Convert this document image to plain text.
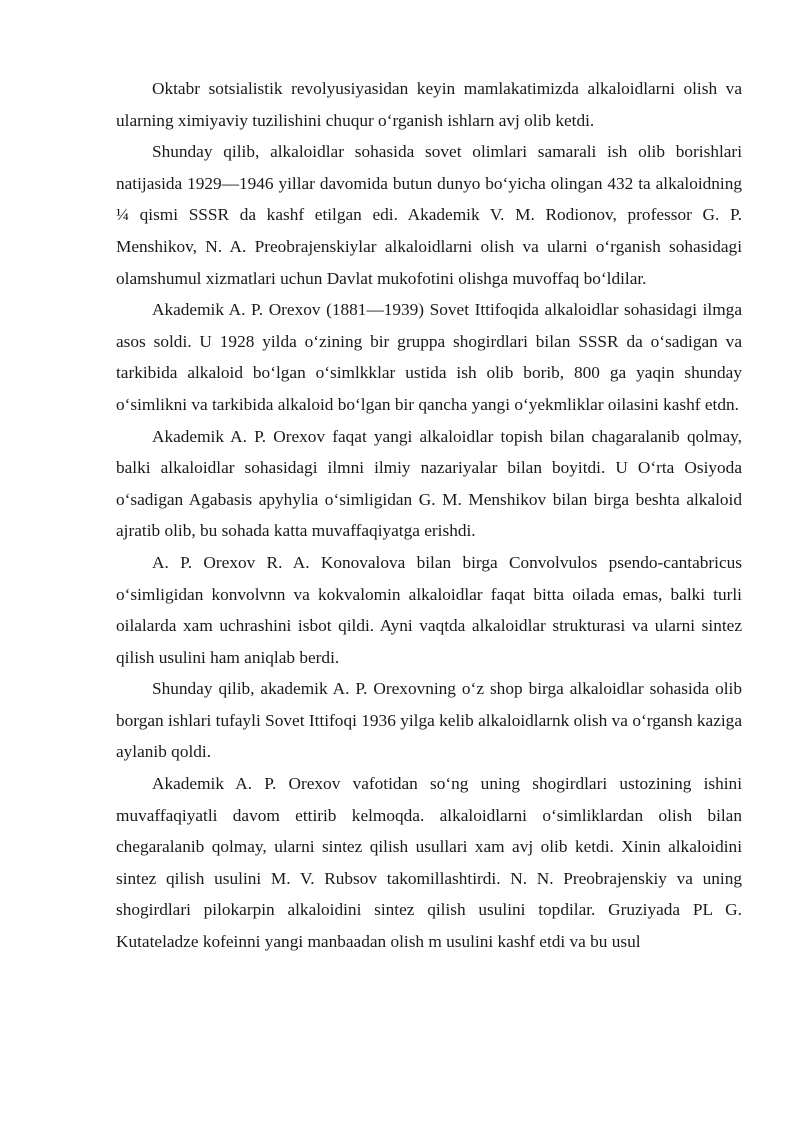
Oktabr sotsialistik revolyusiyasidan keyin mamlakatimizda alkaloidlarni olish va ularning ximiyaviy tuzilishini chuqur o‘rganish ishlarn avj olib ketdi.

Shunday qilib, alkaloidlar sohasida sovet olimlari samarali ish olib borishlari natijasida 1929—1946 yillar davomida butun dunyo bo‘yicha olingan 432 ta alkaloidning ¼ qismi SSSR da kashf etilgan edi. Akademik V. M. Rodionov, professor G. P. Menshikov, N. A. Preobrajenskiylar alkaloidlarni olish va ularni o‘rganish sohasidagi olamshumul xizmatlari uchun Davlat mukofotini olishga muvoffaq bo‘ldilar.

Akademik A. P. Orexov (1881—1939) Sovet Ittifoqida alkaloidlar sohasidagi ilmga asos soldi. U 1928 yilda o‘zining bir gruppa shogirdlari bilan SSSR da o‘sadigan va tarkibida alkaloid bo‘lgan o‘simlkklar ustida ish olib borib, 800 ga yaqin shunday o‘simlikni va tarkibida alkaloid bo‘lgan bir qancha yangi o‘yekmliklar oilasini kashf etdn.

Akademik A. P. Orexov faqat yangi alkaloidlar topish bilan chagaralanib qolmay, balki alkaloidlar sohasidagi ilmni ilmiy nazariyalar bilan boyitdi. U O‘rta Osiyoda o‘sadigan Agabasis apyhylia o‘simligidan G. M. Menshikov bilan birga beshta alkaloid ajratib olib, bu sohada katta muvaffaqiyatga erishdi.

A. P. Orexov R. A. Konovalova bilan birga Convolvulos psendo-cantabricus o‘simligidan konvolvnn va kokvalomin alkaloidlar faqat bitta oilada emas, balki turli oilalarda xam uchrashini isbot qildi. Ayni vaqtda alkaloidlar strukturasi va ularni sintez qilish usulini ham aniqlab berdi.

Shunday qilib, akademik A. P. Orexovning o‘z shop birga alkaloidlar sohasida olib borgan ishlari tufayli Sovet Ittifoqi 1936 yilga kelib alkaloidlarnk olish va o‘rgansh kaziga aylanib qoldi.

Akademik A. P. Orexov vafotidan so‘ng uning shogirdlari ustozining ishini muvaffaqiyatli davom ettirib kelmoqda. alkaloidlarni o‘simliklardan olish bilan chegaralanib qolmay, ularni sintez qilish usullari xam avj olib ketdi. Xinin alkaloidini sintez qilish usulini M. V. Rubsov takomillashtirdi. N. N. Preobrajenskiy va uning shogirdlari pilokarpin alkaloidini sintez qilish usulini topdilar. Gruziyada PL G. Kutateladze kofeinni yangi manbaadan olish m usulini kashf etdi va bu usul
